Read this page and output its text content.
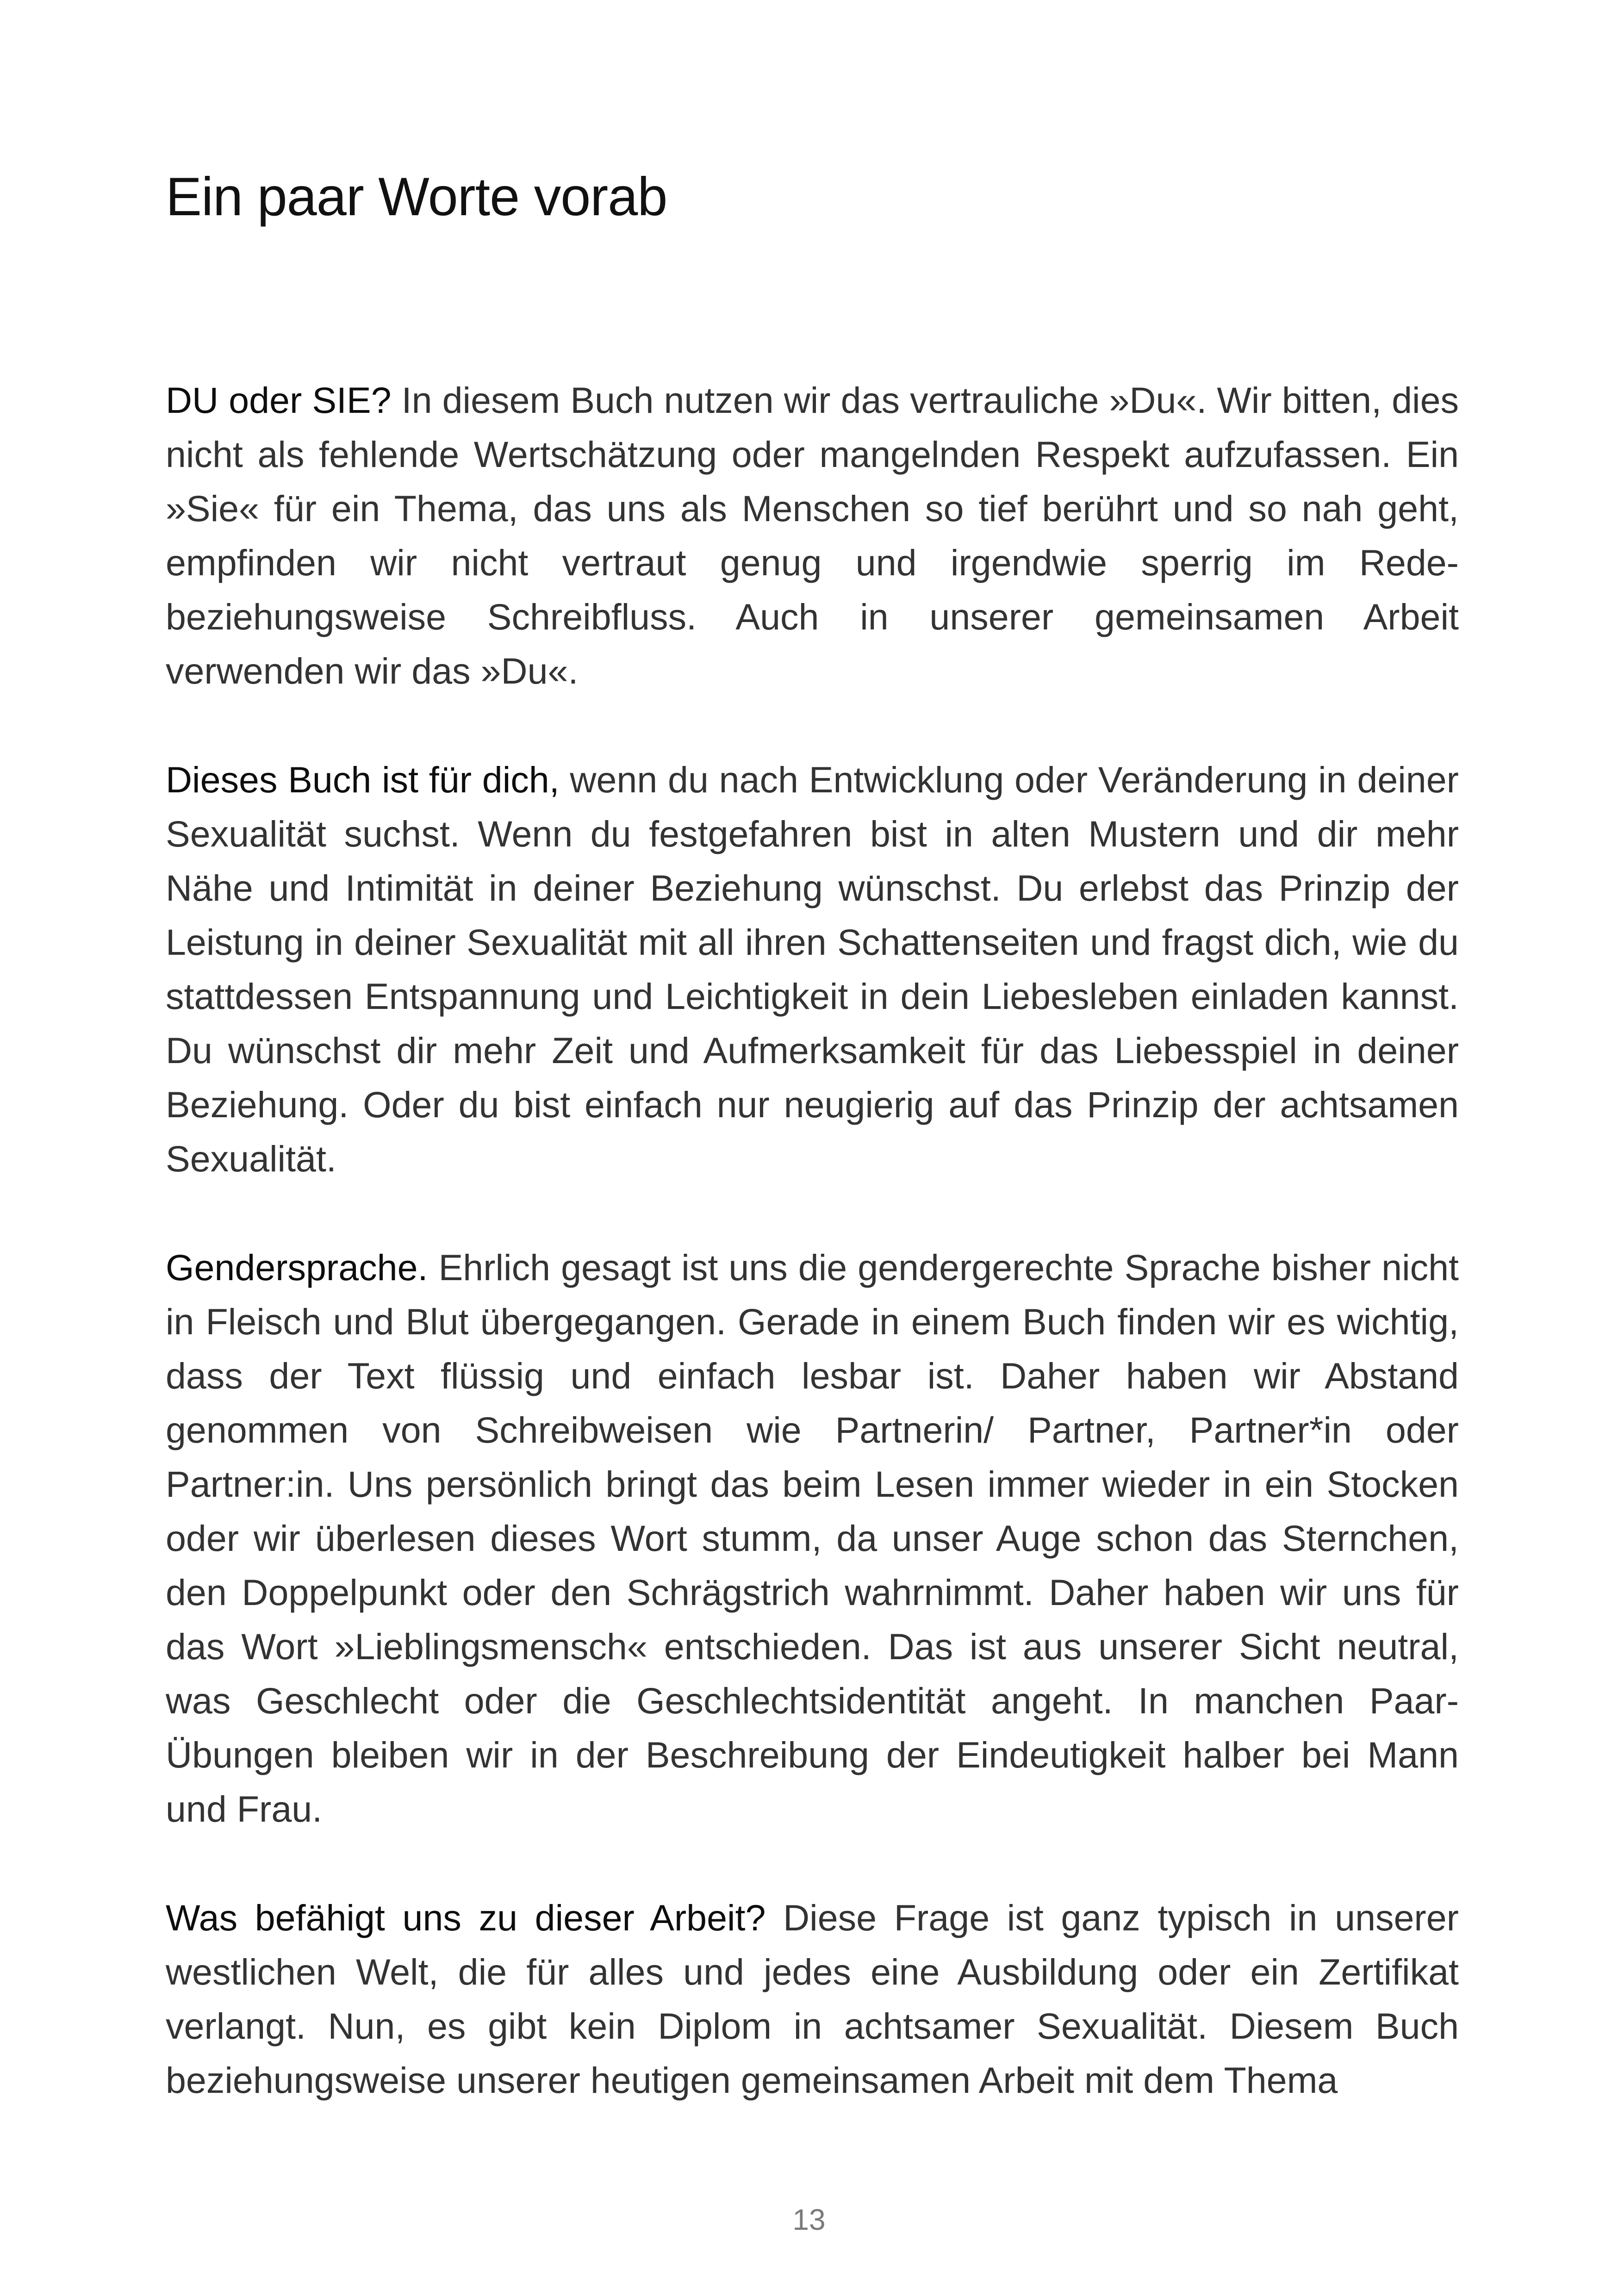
Ein paar Worte vorab

DU oder SIE? In diesem Buch nutzen wir das vertrauliche »Du«. Wir bitten, dies nicht als fehlende Wertschätzung oder mangelnden Respekt aufzufassen. Ein »Sie« für ein Thema, das uns als Menschen so tief berührt und so nah geht, empfinden wir nicht vertraut genug und irgendwie sperrig im Rede- beziehungsweise Schreibfluss. Auch in unserer gemeinsamen Arbeit verwenden wir das »Du«.

Dieses Buch ist für dich, wenn du nach Entwicklung oder Veränderung in deiner Sexualität suchst. Wenn du festgefahren bist in alten Mustern und dir mehr Nähe und Intimität in deiner Beziehung wünschst. Du erlebst das Prinzip der Leistung in deiner Sexualität mit all ihren Schattenseiten und fragst dich, wie du stattdessen Entspannung und Leichtigkeit in dein Liebesleben einladen kannst. Du wünschst dir mehr Zeit und Aufmerksamkeit für das Liebesspiel in deiner Beziehung. Oder du bist einfach nur neugierig auf das Prinzip der achtsamen Sexualität.

Gendersprache. Ehrlich gesagt ist uns die gendergerechte Sprache bisher nicht in Fleisch und Blut übergegangen. Gerade in einem Buch finden wir es wichtig, dass der Text flüssig und einfach lesbar ist. Daher haben wir Abstand genommen von Schreibweisen wie Partnerin/ Partner, Partner*in oder Partner:in. Uns persönlich bringt das beim Lesen immer wieder in ein Stocken oder wir überlesen dieses Wort stumm, da unser Auge schon das Sternchen, den Doppelpunkt oder den Schrägstrich wahrnimmt. Daher haben wir uns für das Wort »Lieblingsmensch« entschieden. Das ist aus unserer Sicht neutral, was Geschlecht oder die Geschlechtsidentität angeht. In manchen Paar-Übungen bleiben wir in der Beschreibung der Eindeutigkeit halber bei Mann und Frau.

Was befähigt uns zu dieser Arbeit? Diese Frage ist ganz typisch in unserer westlichen Welt, die für alles und jedes eine Ausbildung oder ein Zertifikat verlangt. Nun, es gibt kein Diplom in achtsamer Sexualität. Diesem Buch beziehungsweise unserer heutigen gemeinsamen Arbeit mit dem Thema

13
